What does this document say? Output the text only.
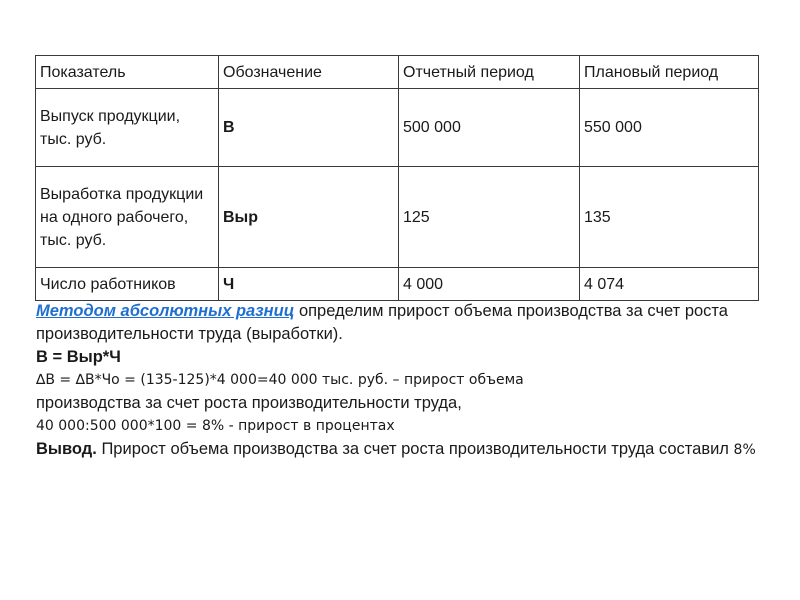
Показатель	Обозначение	Отчетный период	Плановый период
Выпуск продукции, тыс. руб.	В	500 000	550 000
Выработка продукции на одного рабочего, тыс. руб.	Выр	125	135
Число работников	Ч	4 000	4 074

Методом абсолютных разниц определим прирост объема производства за счет роста производительности труда (выработки).

В = Выр*Ч

∆В = ∆В*Чо = (135-125)*4 000=40 000 тыс. руб. – прирост объема

производства за счет роста производительности труда,

40 000:500 000*100 = 8% - прирост в процентах

Вывод. Прирост объема производства за счет роста производительности труда составил 8%
